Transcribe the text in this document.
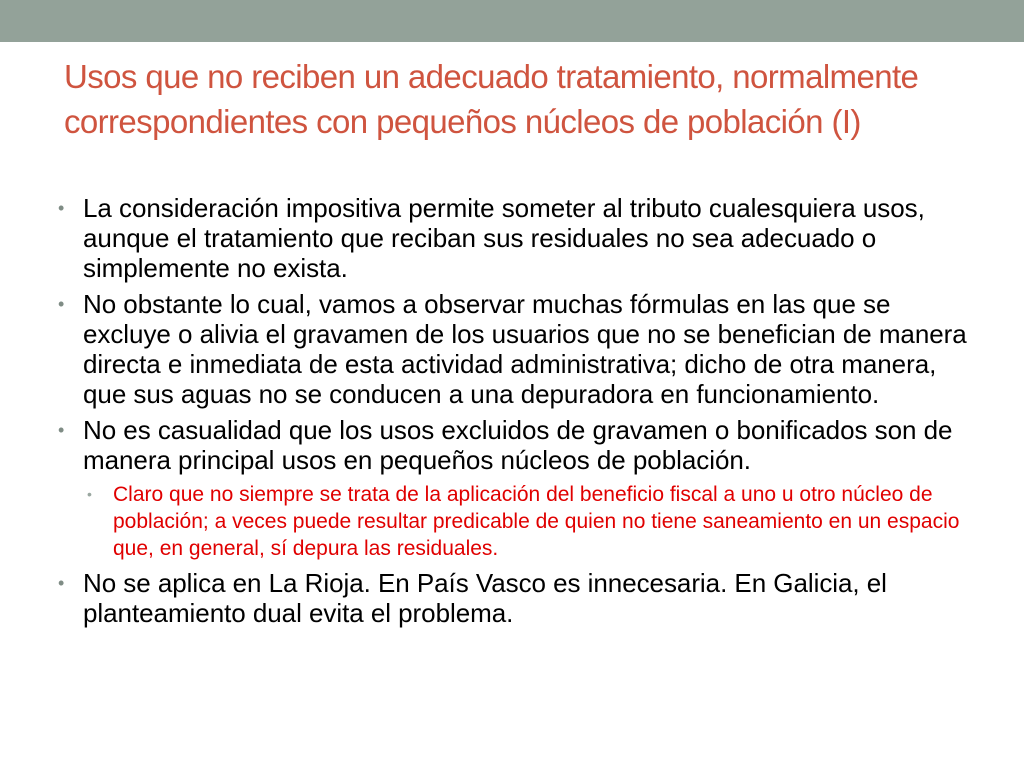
Usos que no reciben un adecuado tratamiento, normalmente correspondientes con pequeños núcleos de población (I)
• La consideración impositiva permite someter al tributo cualesquiera usos, aunque el tratamiento que reciban sus residuales no sea adecuado o simplemente no exista.
• No obstante lo cual, vamos a observar muchas fórmulas en las que se excluye o alivia el gravamen de los usuarios que no se benefician de manera directa e inmediata de esta actividad administrativa; dicho de otra manera, que sus aguas no se conducen a una depuradora en funcionamiento.
• No es casualidad que los usos excluidos de gravamen o bonificados son de manera principal usos en pequeños núcleos de población.
• Claro que no siempre se trata de la aplicación del beneficio fiscal a uno u otro núcleo de población; a veces puede resultar predicable de quien no tiene saneamiento en un espacio que, en general, sí depura las residuales.
• No se aplica en La Rioja. En País Vasco es innecesaria. En Galicia, el planteamiento dual evita el problema.
